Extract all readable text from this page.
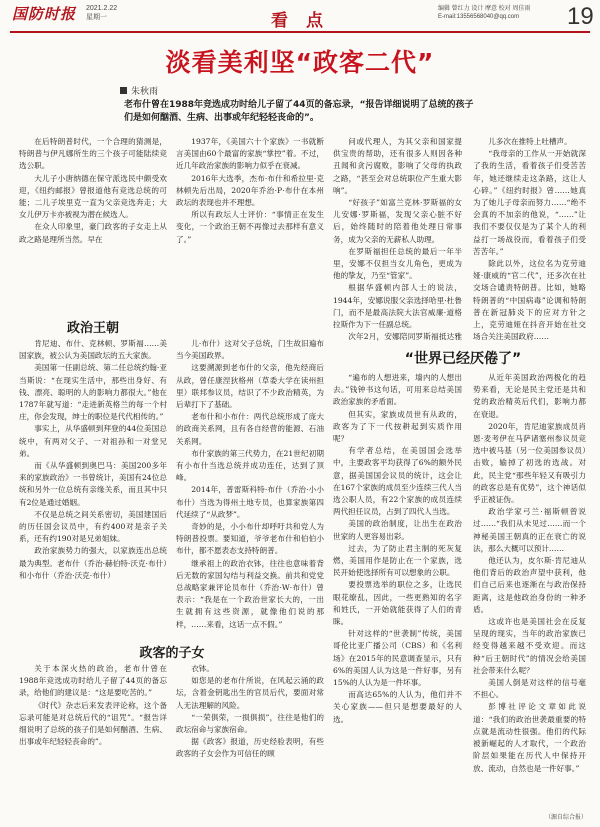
国防时报 2021.2.22
星期一	看 点
编辑 曾红力 设计 摩意 校对 周佳雨
E-mail:13556568040@qq.com	19
淡看美利坚“政客二代”
朱秋雨
老布什曾在1988年竞选成功时给儿子留了44页的备忘录，“报告详细说明了总统的孩子们是如何酗酒、生病、出事或年纪轻轻丧命的”。

在后特朗普时代，一个合理的猜测是，特朗普与伊凡娜所生的三个孩子可能陆续竞选公职。

大儿子小唐纳德在保守派选民中颇受欢迎，《纽约邮报》曾报道他有竞选总统的可能；二儿子埃里克一直为父亲竞选奔走；大女儿伊万卡亦被视为潜在候选人。

在众人印象里，豪门政客的子女走上从政之路是理所当然。早在

政治王朝

肯尼迪、布什、克林顿、罗斯福……美国家族，被公认为美国政坛的五大家族。

美国第一任副总统、第二任总统约翰·亚当斯说：“在现实生活中，那些出身好、有钱、漂亮、聪明的人的影响力都很大。”他在1787年就写道：“走进新英格兰的每一个村庄，你会发现，绅士的职位是代代相传的。”

事实上，从华盛顿到拜登的44位美国总统中，有两对父子、一对祖孙和一对堂兄弟。

而《从华盛顿到奥巴马：美国200多年来的家族政治》一书曾统计，美国有24位总统和另外一位总统有亲缘关系，而且其中只有2位是通过婚姻。

不仅是总统之间关系密切，美国建国后的历任国会议员中，有约400对是亲子关系，还有约190对是兄弟姐妹。

政治家族势力的强大，以家族连出总统最为典型。老布什（乔治·赫伯特·沃克·布什）和小布什（乔治·沃克·布什）

政客的子女

关于本深火热的政治，老布什曾在1988年竞选成功时给儿子留了44页的备忘录，给他们的建议是：“这是要吃苦的。”

《时代》杂志后来发表评论称，这个备忘录可能是对总统后代的“诅咒”。“报告详细说明了总统的孩子们是如何酗酒、生病、出事或年纪轻轻丧命的”。

1937年，《美国六十个家族》一书就断言美国由60个最富的家族“掌控”着。不过，近几年政治家族的影响力似乎在衰减。

2016年大选季，杰布·布什和希拉里·克林顿先后出局，2020年乔治·P·布什在本州政坛的表现也并不理想。

所以有政坛人士评价：“事情正在发生变化，一个政治王朝不再像过去那样有意义了。”

儿·布什）这对父子总统，门生故旧遍布当今美国政界。

这要溯源到老布什的父亲，他先经商后从政，曾任康涅狄格州（草委大学在读州担里）联邦参议员，结识了不少政治精英，为后辈打下了基础。

老布什和小布什：两代总统形成了庞大的政商关系网，且有各自经营的能源、石油关系网。

布什家族的第三代势力，在21世纪初期有小布什当选总统并成功连任，达到了顶峰。

2014年，普雷斯科特·布什（乔治·小小布什）当选为得州土地专员，也算家族第四代延续了“从政梦”。

奇妙的是，小小布什却呼吁共和党人为特朗普投票。要知道，爷爷老布什和伯伯小布什，都不愿表态支持特朗普。

继承祖上的政治衣钵，往往也意味着背后无数的家国勾结与利益交换。前共和党党总战略家兼评论员布什（乔治·W·布什）曾表示：“我是在一个政治世家长大的，一出生就拥有这些资源，就像他们说的那样，……来看，这话一点不假。”

衣钵。

如您是的老布什所说，在风起云涌的政坛，含着金钥匙出生的官员后代，要面对常人无法理解的风险。

“一荣俱荣，一损俱损”，往往是他们的政坛宿命与家族宿命。

据《政客》报道，历史经验表明，有些政客的子女会作为可信任的顾

问或代理人，为其父亲和国家提供宝贵的帮助，还有很多人则因各种丑闻和贪污腐败，影响了父母的执政之路，“甚至会对总统职位产生重大影响”。

“好孩子”如富兰克林·罗斯福的女儿安娜·罗斯福，发现父亲心脏不好后，始终随时的陪着他处理日常事务，成为父亲的无薪私人助理。

在罗斯福担任总统的最后一年半里，安娜不仅担当女儿角色，更成为他的挚友，乃至“管家”。

根据华盛顿内部人士的说法，1944年，安娜说服父亲选择哈里·杜鲁门，而不是最高法院大法官威廉·道格拉斯作为下一任副总统。

次年2月，安娜陪同罗斯福抵达雅

“世界已经厌倦了”

“遍布的人想进来，墙内的人想出去。”钱钟书这句话，可用来总结美国政治家族的矛盾面。

但其实，家族成员世有从政的，政客为了下一代按耕起到实质作用呢？

有学者总结，在美国国会选举中，主要政客平均获得了6%的额外民意，据美国国会议员的统计，这会让在167个家族的成员至少连续三代人当选公职人员，有22个家族的成员连续两代担任议员，占到了四代人当选。

美国的政治制度，让出生在政治世家的人更容易出彩。

过去，为了防止君主制的死灰复燃，美国用作是防止在一个家族，选民开始使选择所有可以想象的公职。

要投票选举的职位之多，让选民眼花缭乱，因此，一些更熟知的名字和姓氏，一开始就能获得了人们的青睐。

针对这样的“世袭制”传统，美国哥伦比亚广播公司（CBS）和《名利场》在2015年的民意调查显示，只有6%的美国人认为这是一件好事，另有15%的人认为是一件坏事。

而高达65%的人认为，他们并不关心家族——但只是想要最好的人选。

儿多次在推特上吐槽声。

“我母亲的工作从一开始就深了我的生活，看着孩子们受苦苦年，她还继续走这条路，这让人心碎。”《纽约时报》曾……她真为了她儿子母亲而努力……“绝不会真的不加亲的他说，“……”让我们不要仅仅是为了某个人的利益打一场战役而，看着孩子们受苦苦年。”

除此以外，这位名为克劳迪娅·康威的“官二代”，还多次在社交场合谴责特朗普。比如，她略特朗普的“中国病毒”论调和特朗普在新冠肺炎下的应对方针之上，克劳迪娅在抖音开始在社交场合关注美国政府……

从近年美国政治两极化的趋势来看，无论是民主党还是共和党的政治精英后代们，影响力都在衰退。

2020年，肯尼迪家族成员肖恩·麦考伊在马萨诸塞州参议员竞选中被马基（另一位美国参议员）击败，输掉了初选的选战。对此，民主党“那些年轻又有吸引力的政客总是有优势”，这个神话似乎正被证伪。

政治学家弓兰·福斯顿曾说过……“我们从未见过……而一个神秘美国王朝真的正在衰亡的说法，那么大概可以预计……

他还认为，皮尔斯·肯尼迪从他们背后的政治声望中获利，他们自己后来也逐渐在与政治保持距离，这是他政治身份的一种矛盾。

这或许也是美国社会在反复呈现的现实，当年的政治家族已经变得越来越不受欢迎。而这种“后王朝时代”的情况会给美国社会带来什么呢？

美国人倒是对这样的信号毫不担心。

彭博社评论文章如此说道：“我们的政治世袭最重要的特点就是流动性很强。他们的代际被新崛起的人才取代，一个政治阶层如果能在历代人中保持开放、流动，自然也是一件好事。”

（源自综合报）
